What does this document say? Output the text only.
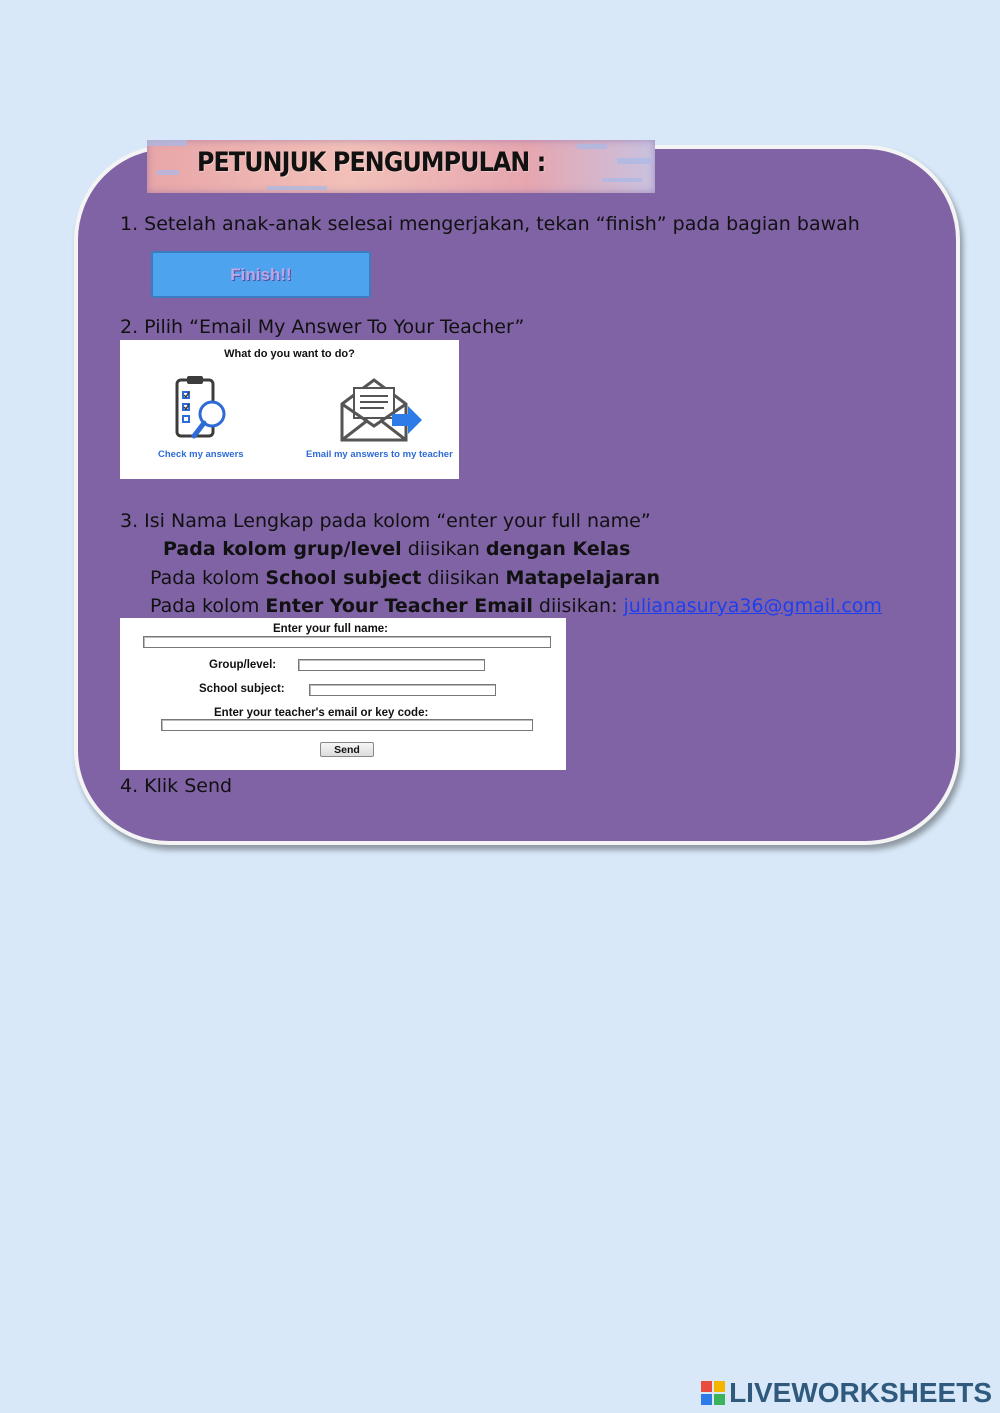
PETUNJUK PENGUMPULAN :
1. Setelah anak-anak selesai mengerjakan, tekan “finish” pada bagian bawah
Finish!!
2. Pilih “Email My Answer To Your Teacher”
What do you want to do?
Check my answers	Email my answers to my teacher
3. Isi Nama Lengkap pada kolom “enter your full name”
Pada kolom grup/level diisikan dengan Kelas
Pada kolom School subject diisikan Matapelajaran
Pada kolom Enter Your Teacher Email diisikan: julianasurya36@gmail.com
Enter your full name:
Group/level:
School subject:
Enter your teacher's email or key code:
Send
4. Klik Send
LIVEWORKSHEETS
